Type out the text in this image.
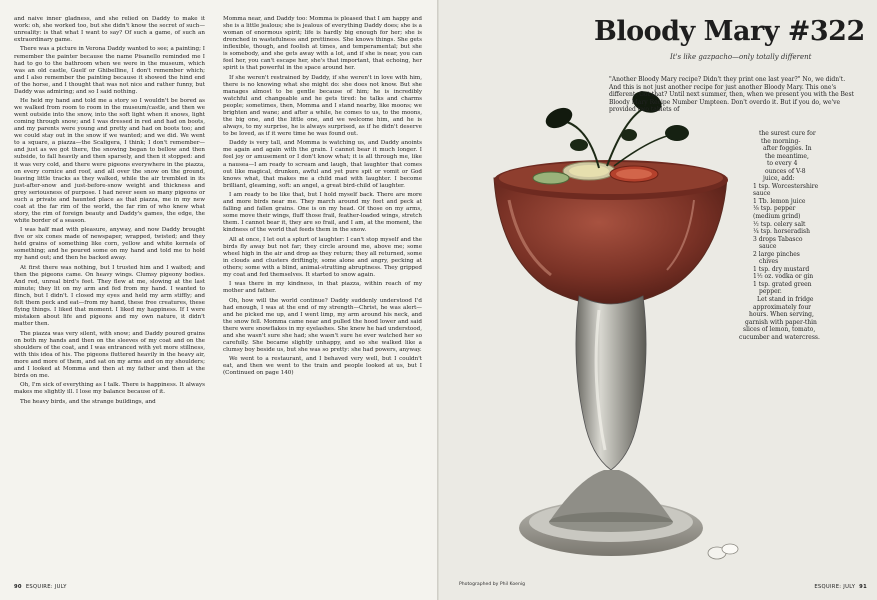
and naive inner gladness, and she relied on Daddy to make it work: oh, she worked too, but she didn't know the secret of such—unreality: is that what I want to say? Of such a game, of such an extraordinary game.

There was a picture in Verona Daddy wanted to see; a painting; I remember the painter because the name Pisanello reminded me I had to go to the bathroom when we were in the museum, which was an old castle, Guelf or Ghibelline, I don't remember which; and I also remember the painting because it showed the hind end of the horse, and I thought that was not nice and rather funny, but Daddy was admiring; and so I said nothing.

He held my hand and told me a story so I wouldn't be bored as we walked from room to room in the museum/castle, and then we went outside into the snow, into the soft light when it snows, light coming through snow; and I was dressed in red and had on boots, and my parents were young and pretty and had on boots too; and we could stay out in the snow if we wanted; and we did. We went to a square, a piazza—the Scaligera, I think; I don't remember—and just as we got there, the snowing began to bellow and then subside, to fall heavily and then sparsely, and then it stopped: and it was very cold, and there were pigeons everywhere in the piazza, on every cornice and roof, and all over the snow on the ground, leaving little tracks as they walked, while the air trembled in its just-after-snow and just-before-snow weight and thickness and grey seriousness of purpose. I had never seen so many pigeons or such a private and haunted place as that piazza, me in my new coat at the far rim of the world, the far rim of who knew what story, the rim of foreign beauty and Daddy's games, the edge, the white border of a season.

I was half mad with pleasure, anyway, and now Daddy brought five or six cones made of newspaper, wrapped, twisted; and they held grains of something like corn, yellow and white kernels of something; and he poured some on my hand and told me to hold my hand out; and then he backed away.

At first there was nothing, but I trusted him and I waited; and then the pigeons came. On heavy wings. Clumsy pigeony bodies. And red, unreal bird's feet. They flew at me, slowing at the last minute; they lit on my arm and fed from my hand. I wanted to flinch, but I didn't. I closed my eyes and held my arm stiffly; and felt them peck and eat—from my hand, these free creatures, these flying things. I liked that moment. I liked my happiness. If I were mistaken about life and pigeons and my own nature, it didn't matter then.

The piazza was very silent, with snow; and Daddy poured grains on both my hands and then on the sleeves of my coat and on the shoulders of the coat, and I was entranced with yet more stillness, with this idea of his. The pigeons fluttered heavily in the heavy air, more and more of them, and sat on my arms and on my shoulders; and I looked at Momma and then at my father and then at the birds on me.

Oh, I'm sick of everything as I talk. There is happiness. It always makes me slightly ill. I lose my balance because of it.

The heavy birds, and the strange buildings, and

Momma near, and Daddy too: Momma is pleased that I am happy and she is a little jealous; she is jealous of everything Daddy does; she is a woman of enormous spirit; life is hardly big enough for her; she is drenched in wastefulness and prettiness. She knows things. She gets inflexible, though, and foolish at times, and temperamental; but she is somebody, and she gets away with a lot, and if she is near, you can feel her, you can't escape her, she's that important, that echoing, her spirit is that powerful in the space around her.

If she weren't restrained by Daddy, if she weren't in love with him, there is no knowing what she might do: she does not know. But she manages almost to be gentle because of him; he is incredibly watchful and changeable and he gets tired: he talks and charms people; sometimes, then, Momma and I stand nearby, like moons; we brighten and wane; and after a while, he comes to us, to the moons, the big one, and the little one, and we welcome him, and he is always, to my surprise, he is always surprised, as if he didn't deserve to be loved, as if it were time he was found out.

Daddy is very tall, and Momma is watching us, and Daddy anoints me again and again with the grain. I cannot bear it much longer. I feel joy or amusement or I don't know what; it is all through me, like a nausea—I am ready to scream and laugh, that laughter that comes out like magical, drunken, awful and yet pure spit or vomit or God knows what, that makes me a child mad with laughter. I become brilliant, gleaming, soft: an angel, a great bird-child of laughter.

I am ready to be like that, but I hold myself back. There are more and more birds near me. They march around my feet and peck at falling and fallen grains. One is on my head. Of those on my arms, some move their wings, fluff those frail, feather-loaded wings, stretch them. I cannot bear it, they are so frail, and I am, at the moment, the kindness of the world that feeds them in the snow.

All at once, I let out a splurt of laughter: I can't stop myself and the birds fly away but not far; they circle around me, above me; some wheel high in the air and drop as they return; they all returned, some in clouds and clusters driftingly, some alone and angry, pecking at others; some with a blind, animal-strutting abruptness. They gripped my coat and fed themselves. It started to snow again.

I was there in my kindness, in that piazza, within reach of my mother and father.

Oh, how will the world continue? Daddy suddenly understood I'd had enough, I was at the end of my strength—Christ, he was alert—and he picked me up, and I went limp, my arm around his neck, and the snow fell. Momma came near and pulled the hood lower and said there were snowflakes in my eyelashes. She knew he had understood, and she wasn't sure she had; she wasn't sure he ever watched her so carefully. She became slightly unhappy, and so she walked like a clumsy boy beside us, but she was so pretty: she had powers, anyway.

We went to a restaurant, and I behaved very well, but I couldn't eat, and then we went to the train and people looked at us, but I (Continued on page 140)

90 ESQUIRE: JULY
Bloody Mary #322
It's like gazpacho—only totally different
"Another Bloody Mary recipe? Didn't they print one last year?" No, we didn't. And this is not just another recipe for just another Bloody Mary. This one's different. Got that? Until next summer, then, when we present you with the Best Bloody Mary Recipe Number Umpteen. Don't overdo it. But if you do, we've provided two tablets of
the surest cure for
the morning-
after foggies. In
the meantime,
to every 4
ounces of V-8
juice, add:
1 tsp. Worcestershire
sauce
1 Tb. lemon juice
⅛ tsp. pepper
(medium grind)
½ tsp. celery salt
¼ tsp. horseradish
3 drops Tabasco
sauce
2 large pinches
chives
1 tsp. dry mustard
1½ oz. vodka or gin
1 tsp. grated green
pepper.
Let stand in fridge
approximately four
hours. When serving,
garnish with paper-thin
slices of lemon, tomato,
cucumber and watercress.
Photographed by Phil Koenig	ESQUIRE: JULY 91
